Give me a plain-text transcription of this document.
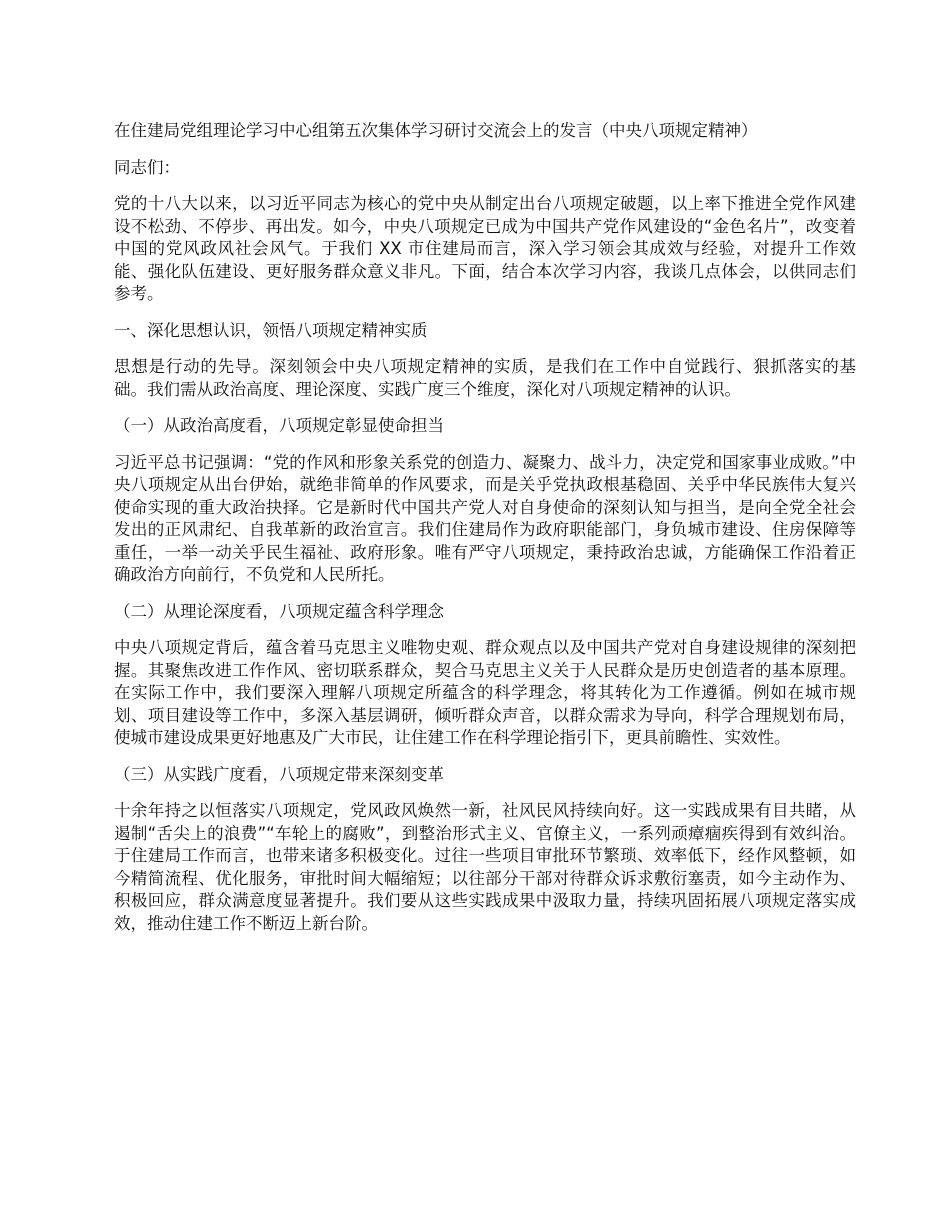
在住建局党组理论学习中心组第五次集体学习研讨交流会上的发言（中央八项规定精神）

同志们：

党的十八大以来，以习近平同志为核心的党中央从制定出台八项规定破题，以上率下推进全党作风建设不松劲、不停步、再出发。如今，中央八项规定已成为中国共产党作风建设的“金色名片”，改变着中国的党风政风社会风气。于我们 XX 市住建局而言，深入学习领会其成效与经验，对提升工作效能、强化队伍建设、更好服务群众意义非凡。下面，结合本次学习内容，我谈几点体会，以供同志们参考。

一、深化思想认识，领悟八项规定精神实质

思想是行动的先导。深刻领会中央八项规定精神的实质，是我们在工作中自觉践行、狠抓落实的基础。我们需从政治高度、理论深度、实践广度三个维度，深化对八项规定精神的认识。

（一）从政治高度看，八项规定彰显使命担当

习近平总书记强调：“党的作风和形象关系党的创造力、凝聚力、战斗力，决定党和国家事业成败。”中央八项规定从出台伊始，就绝非简单的作风要求，而是关乎党执政根基稳固、关乎中华民族伟大复兴使命实现的重大政治抉择。它是新时代中国共产党人对自身使命的深刻认知与担当，是向全党全社会发出的正风肃纪、自我革新的政治宣言。我们住建局作为政府职能部门，身负城市建设、住房保障等重任，一举一动关乎民生福祉、政府形象。唯有严守八项规定，秉持政治忠诚，方能确保工作沿着正确政治方向前行，不负党和人民所托。

（二）从理论深度看，八项规定蕴含科学理念

中央八项规定背后，蕴含着马克思主义唯物史观、群众观点以及中国共产党对自身建设规律的深刻把握。其聚焦改进工作作风、密切联系群众，契合马克思主义关于人民群众是历史创造者的基本原理。在实际工作中，我们要深入理解八项规定所蕴含的科学理念，将其转化为工作遵循。例如在城市规划、项目建设等工作中，多深入基层调研，倾听群众声音，以群众需求为导向，科学合理规划布局，使城市建设成果更好地惠及广大市民，让住建工作在科学理论指引下，更具前瞻性、实效性。

（三）从实践广度看，八项规定带来深刻变革

十余年持之以恒落实八项规定，党风政风焕然一新，社风民风持续向好。这一实践成果有目共睹，从遏制“舌尖上的浪费”“车轮上的腐败”，到整治形式主义、官僚主义，一系列顽瘴痼疾得到有效纠治。于住建局工作而言，也带来诸多积极变化。过往一些项目审批环节繁琐、效率低下，经作风整顿，如今精简流程、优化服务，审批时间大幅缩短；以往部分干部对待群众诉求敷衍塞责，如今主动作为、积极回应，群众满意度显著提升。我们要从这些实践成果中汲取力量，持续巩固拓展八项规定落实成效，推动住建工作不断迈上新台阶。
